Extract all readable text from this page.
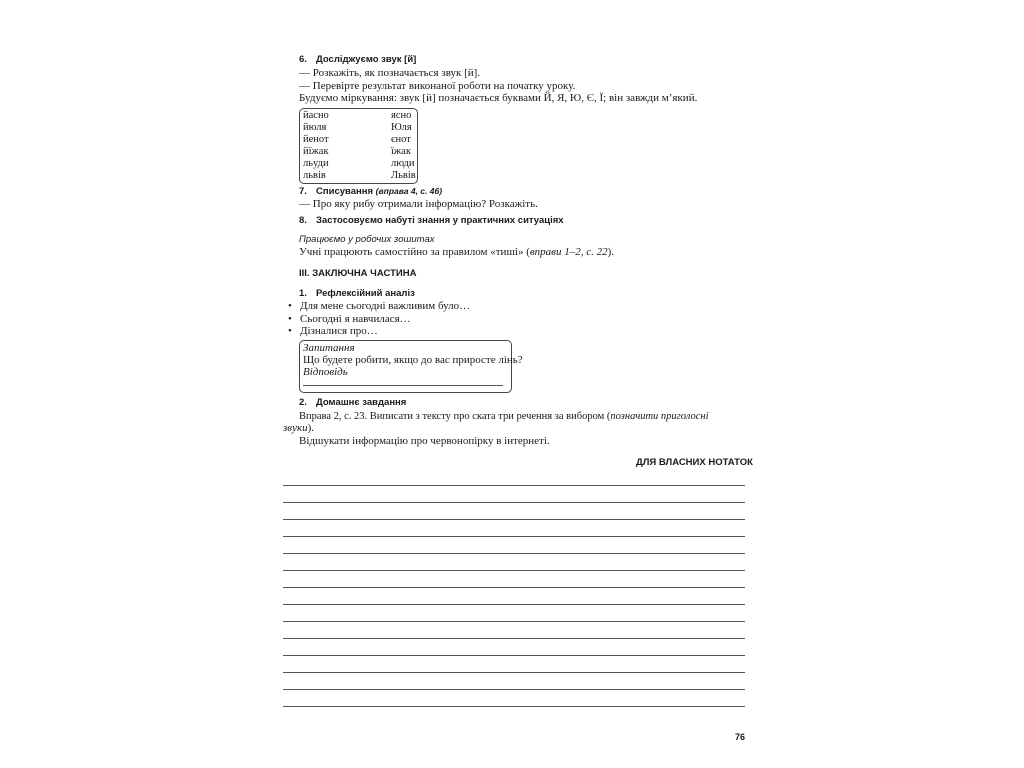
6. Досліджуємо звук [й]
— Розкажіть, як позначається звук [й].
— Перевірте результат виконаної роботи на початку уроку.
Будуємо міркування: звук [й] позначається буквами Й, Я, Ю, Є, Ї; він завжди м’який.
йасно	ясно
йюля	Юля
йенот	єнот
йїжак	їжак
льуди	люди
львів	Львів
7. Списування (вправа 4, с. 46)
— Про яку рибу отримали інформацію? Розкажіть.
8. Застосовуємо набуті знання у практичних ситуаціях
Працюємо у робочих зошитах
Учні працюють самостійно за правилом «тиші» (вправи 1–2, с. 22).
III. ЗАКЛЮЧНА ЧАСТИНА
1. Рефлексійний аналіз
• Для мене сьогодні важливим було…
• Сьогодні я навчилася…
• Дізналися про…
Запитання
Що будете робити, якщо до вас приросте лінь?
Відповідь
2. Домашнє завдання
Вправа 2, с. 23. Виписати з тексту про ската три речення за вибором (позначити приголосні
звуки).
Відшукати інформацію про червонопірку в інтернеті.
ДЛЯ ВЛАСНИХ НОТАТОК
76
